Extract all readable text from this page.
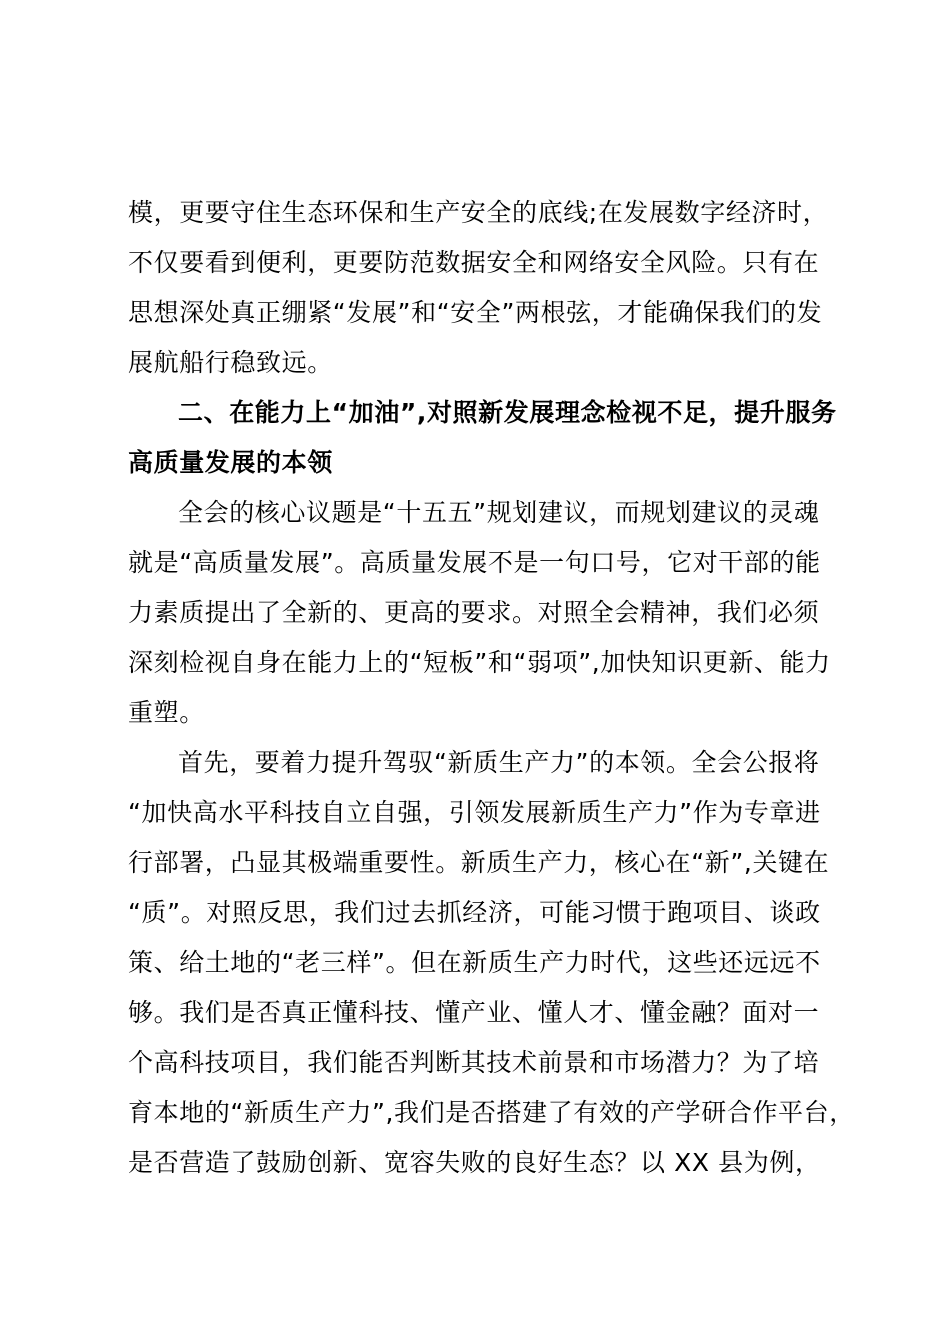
模，更要守住生态环保和生产安全的底线;在发展数字经济时，
不仅要看到便利，更要防范数据安全和网络安全风险。只有在
思想深处真正绷紧“发展”和“安全”两根弦，才能确保我们的发
展航船行稳致远。
二、在能力上“加油”,对照新发展理念检视不足，提升服务
高质量发展的本领
全会的核心议题是“十五五”规划建议，而规划建议的灵魂
就是“高质量发展”。高质量发展不是一句口号，它对干部的能
力素质提出了全新的、更高的要求。对照全会精神，我们必须
深刻检视自身在能力上的“短板”和“弱项”,加快知识更新、能力
重塑。
首先，要着力提升驾驭“新质生产力”的本领。全会公报将
“加快高水平科技自立自强，引领发展新质生产力”作为专章进
行部署，凸显其极端重要性。新质生产力，核心在“新”,关键在
“质”。对照反思，我们过去抓经济，可能习惯于跑项目、谈政
策、给土地的“老三样”。但在新质生产力时代，这些还远远不
够。我们是否真正懂科技、懂产业、懂人才、懂金融？面对一
个高科技项目，我们能否判断其技术前景和市场潜力？为了培
育本地的“新质生产力”,我们是否搭建了有效的产学研合作平台，
是否营造了鼓励创新、宽容失败的良好生态？以 XX 县为例，
